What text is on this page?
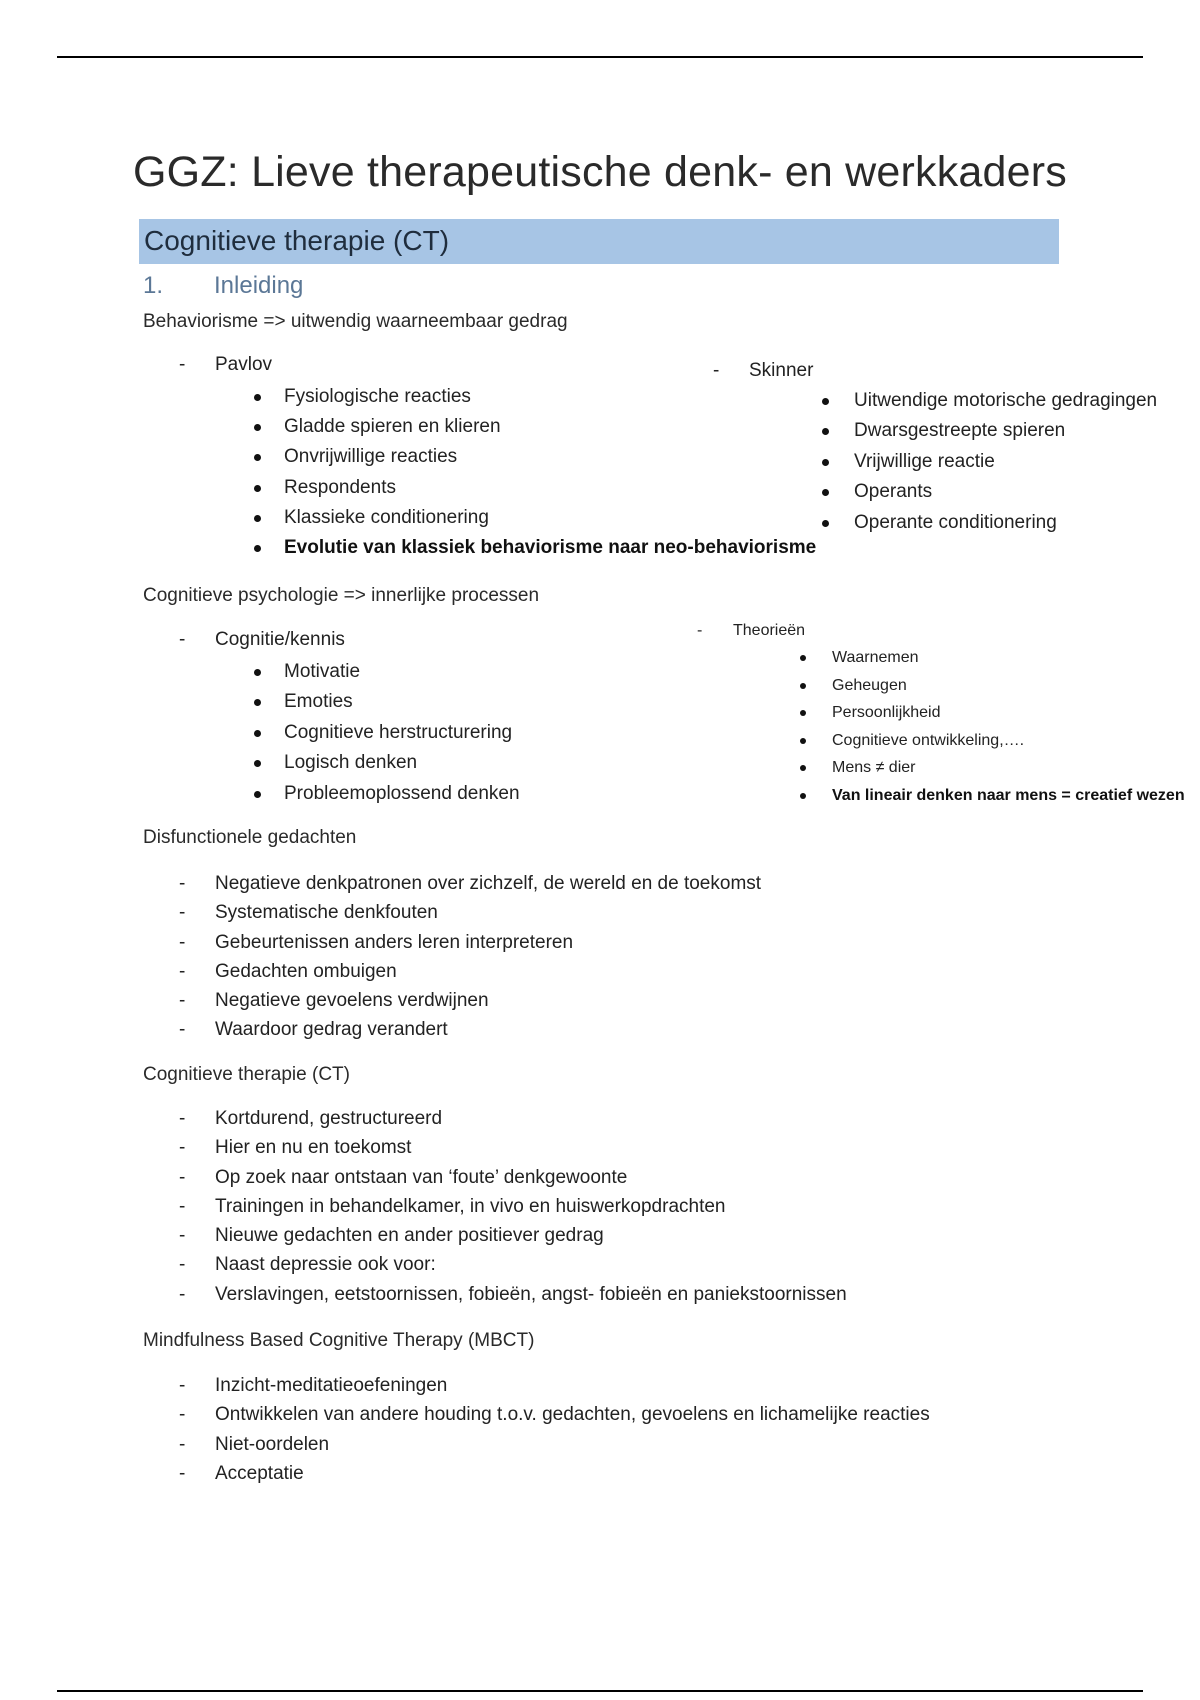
GGZ: Lieve therapeutische denk- en werkkaders
Cognitieve therapie (CT)
1. Inleiding
Behaviorisme => uitwendig waarneembaar gedrag
- Pavlov
Fysiologische reacties
Gladde spieren en klieren
Onvrijwillige reacties
Respondents
Klassieke conditionering
Evolutie van klassiek behaviorisme naar neo-behaviorisme
- Skinner
Uitwendige motorische gedragingen
Dwarsgestreepte spieren
Vrijwillige reactie
Operants
Operante conditionering
Cognitieve psychologie => innerlijke processen
- Cognitie/kennis
Motivatie
Emoties
Cognitieve herstructurering
Logisch denken
Probleemoplossend denken
- Theorieën
Waarnemen
Geheugen
Persoonlijkheid
Cognitieve ontwikkeling,….
Mens ≠ dier
Van lineair denken naar mens = creatief wezen
Disfunctionele gedachten
- Negatieve denkpatronen over zichzelf, de wereld en de toekomst
- Systematische denkfouten
- Gebeurtenissen anders leren interpreteren
- Gedachten ombuigen
- Negatieve gevoelens verdwijnen
- Waardoor gedrag verandert
Cognitieve therapie (CT)
- Kortdurend, gestructureerd
- Hier en nu en toekomst
- Op zoek naar ontstaan van ‘foute’ denkgewoonte
- Trainingen in behandelkamer, in vivo en huiswerkopdrachten
- Nieuwe gedachten en ander positiever gedrag
- Naast depressie ook voor:
- Verslavingen, eetstoornissen, fobieën, angst- fobieën en paniekstoornissen
Mindfulness Based Cognitive Therapy (MBCT)
- Inzicht-meditatieoefeningen
- Ontwikkelen van andere houding t.o.v. gedachten, gevoelens en lichamelijke reacties
- Niet-oordelen
- Acceptatie
